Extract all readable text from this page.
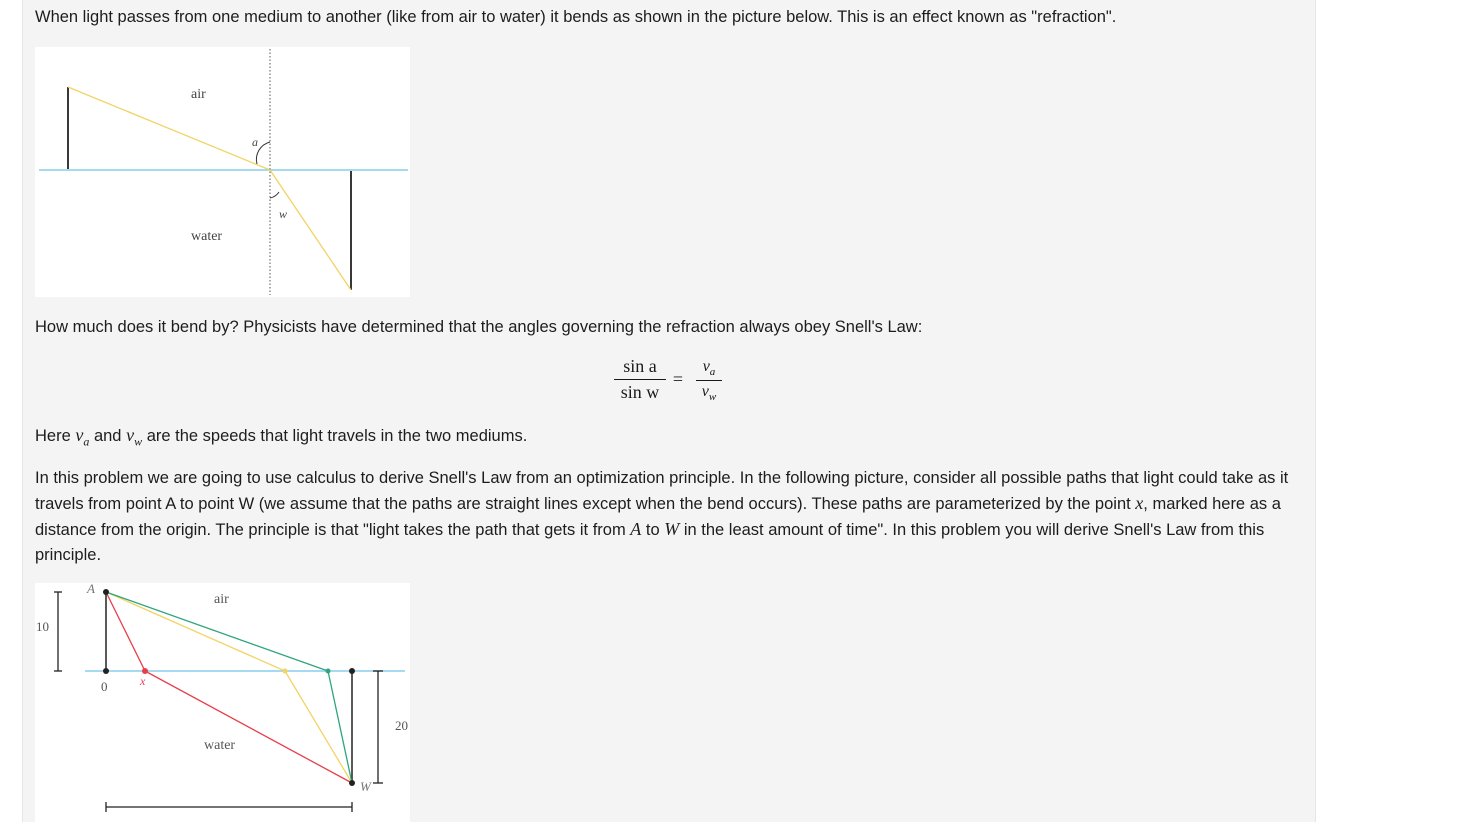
When light passes from one medium to another (like from air to water) it bends as shown in the picture below. This is an effect known as "refraction".
air
water
a
w
How much does it bend by? Physicists have determined that the angles governing the refraction always obey Snell's Law:
sin a
sin w
=
$v_a$
$v_w$
Here $v_a$ and $v_w$ are the speeds that light travels in the two mediums.
In this problem we are going to use calculus to derive Snell's Law from an optimization principle. In the following picture, consider all possible paths that light could take as it travels from point A to point W (we assume that the paths are straight lines except when the bend occurs). These paths are parameterized by the point x, marked here as a distance from the origin. The principle is that "light takes the path that gets it from A to W in the least amount of time". In this problem you will derive Snell's Law from this principle.
A
W
air
water
10
20
0	x
